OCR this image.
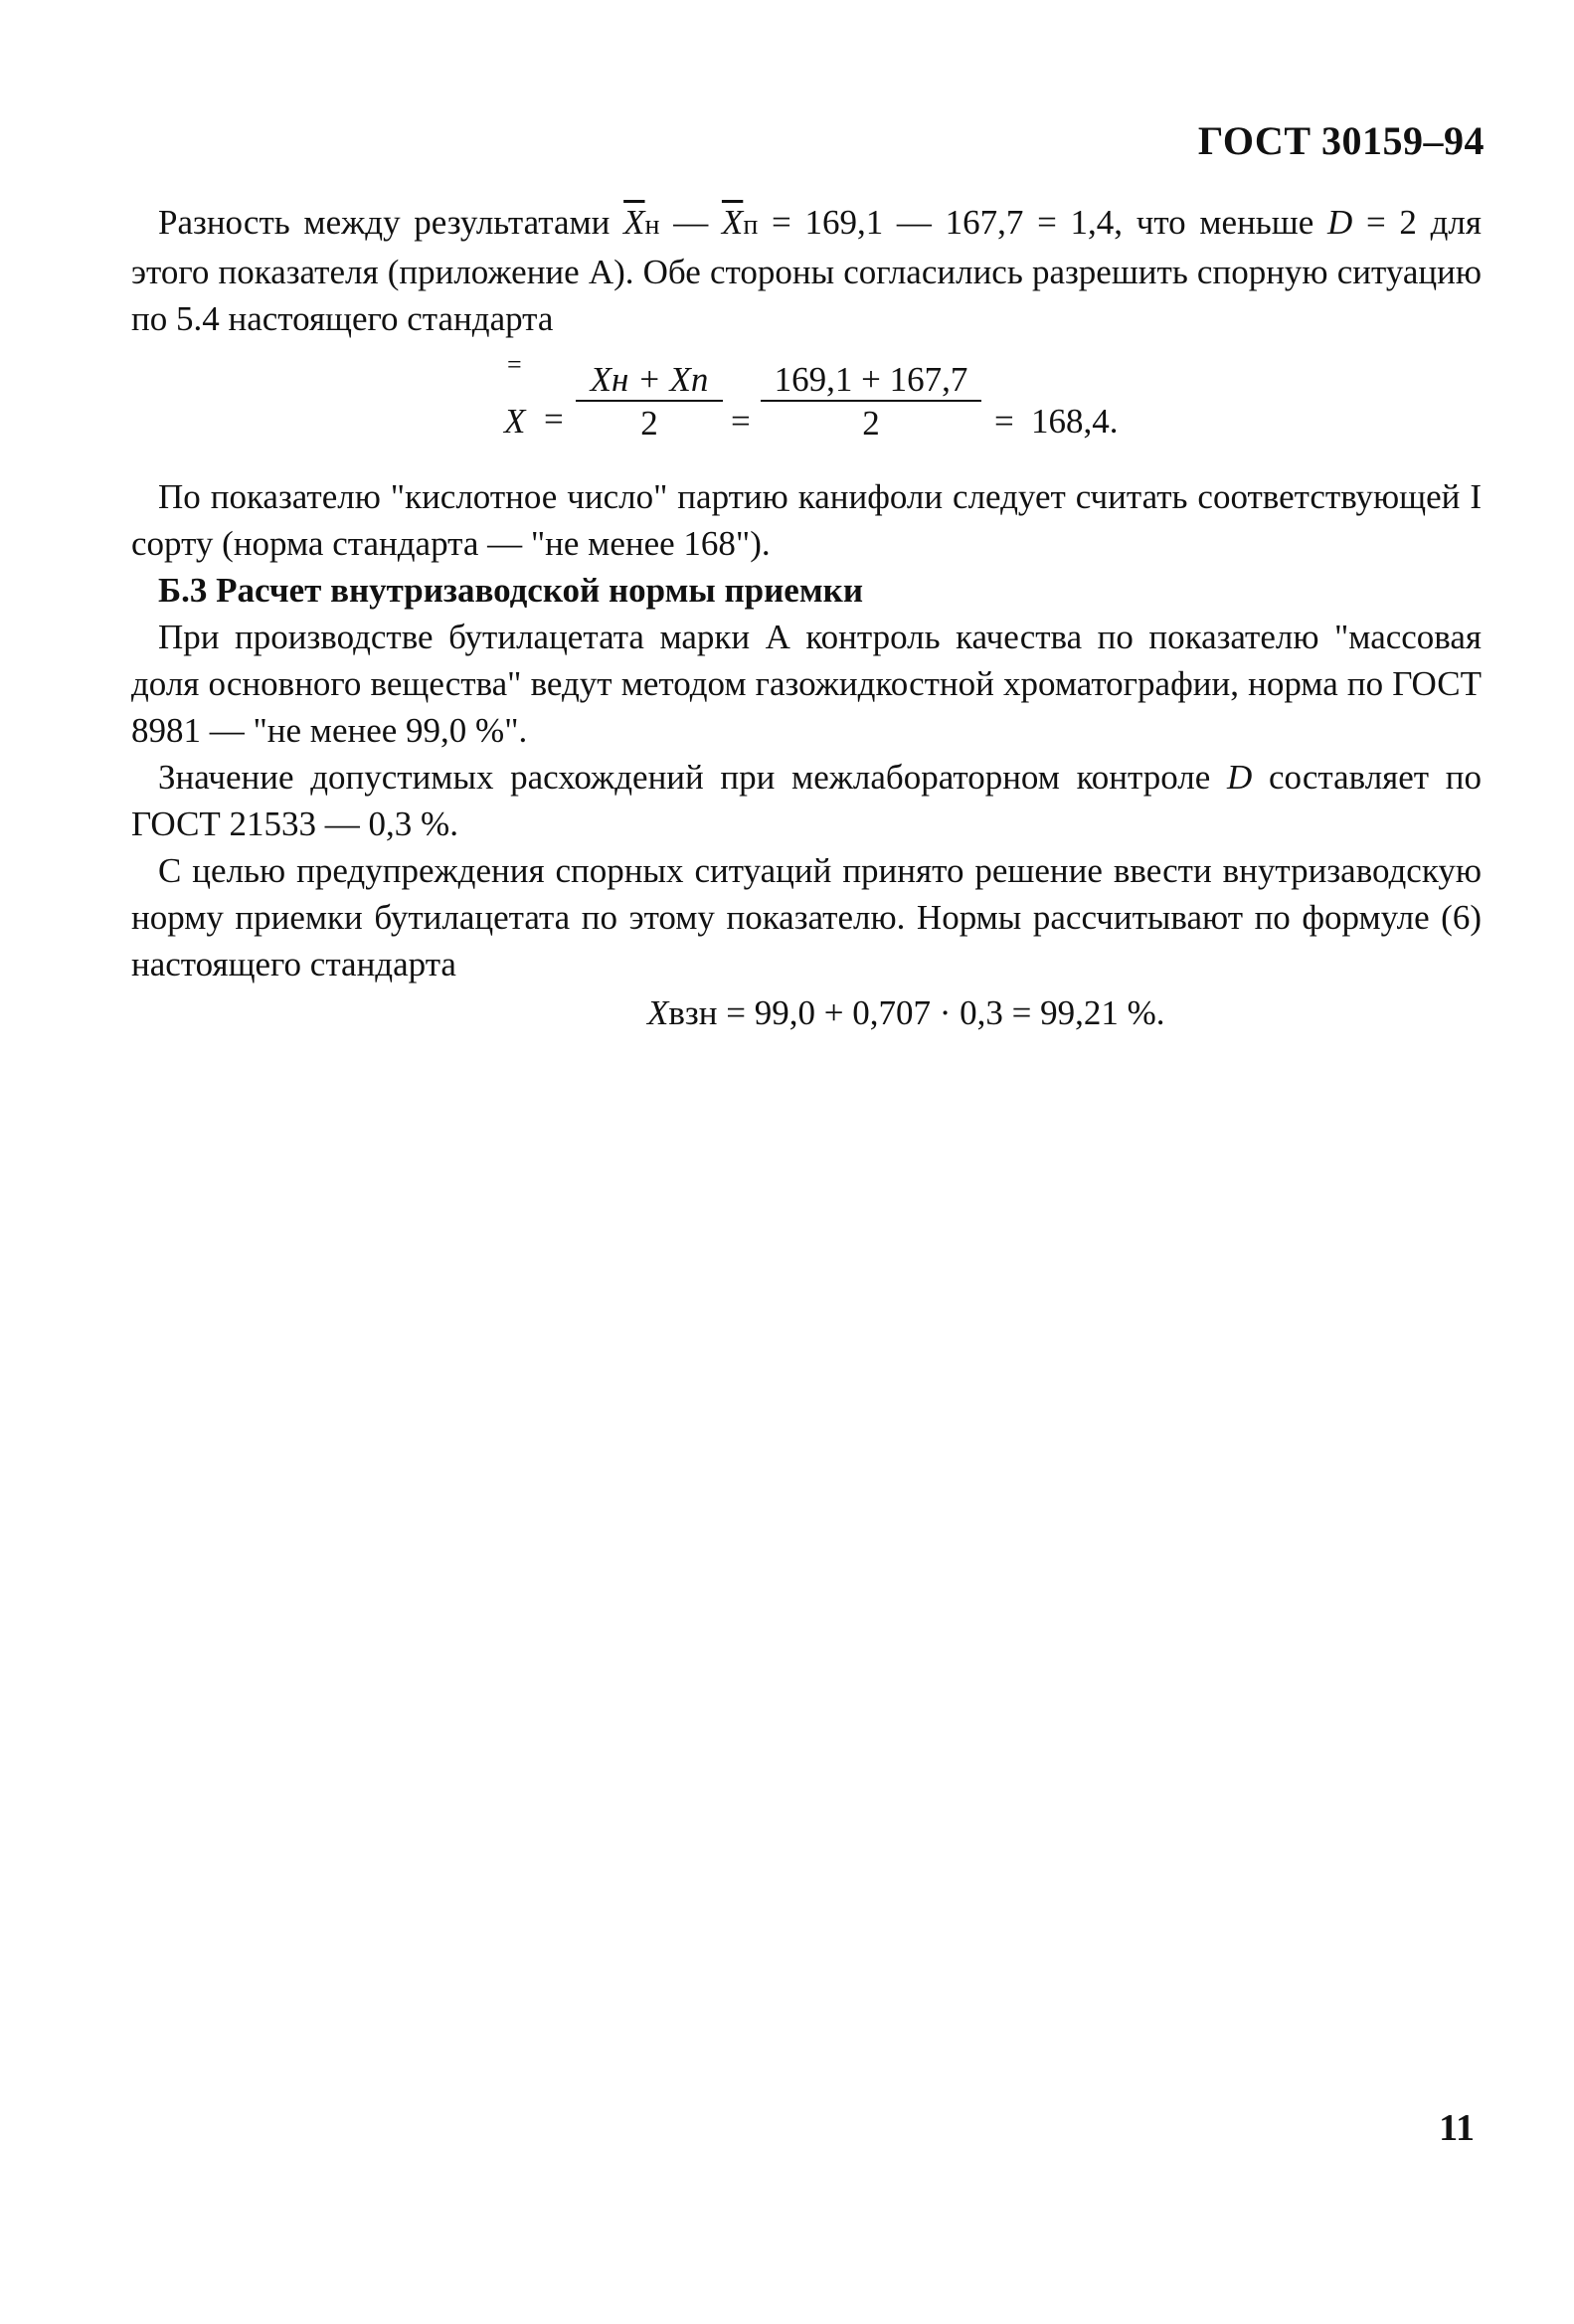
ГОСТ 30159–94

Разность между результатами $\overline{X}н$ — $\overline{X}п = 169,1$ — 167,7 = 1,4, что меньше D = 2 для этого показателя (приложение А). Обе стороны согласились разрешить спорную ситуацию по 5.4 настоящего стандарта

=
X =
Xн + Xп
2	=
169,1 + 167,7
2	= 168,4.

По показателю "кислотное число" партию канифоли следует считать соответствующей I сорту (норма стандарта — "не менее 168").

Б.3 Расчет внутризаводской нормы приемки

При производстве бутилацетата марки А контроль качества по показателю "массовая доля основного вещества" ведут методом газожидкостной хроматографии, норма по ГОСТ 8981 — "не менее 99,0 %".

Значение допустимых расхождений при межлабораторном контроле D составляет по ГОСТ 21533 — 0,3 %.

С целью предупреждения спорных ситуаций принято решение ввести внутризаводскую норму приемки бутилацетата по этому показателю. Нормы рассчитывают по формуле (6) настоящего стандарта

Xвзн = 99,0 + 0,707 · 0,3 = 99,21 %.

11
